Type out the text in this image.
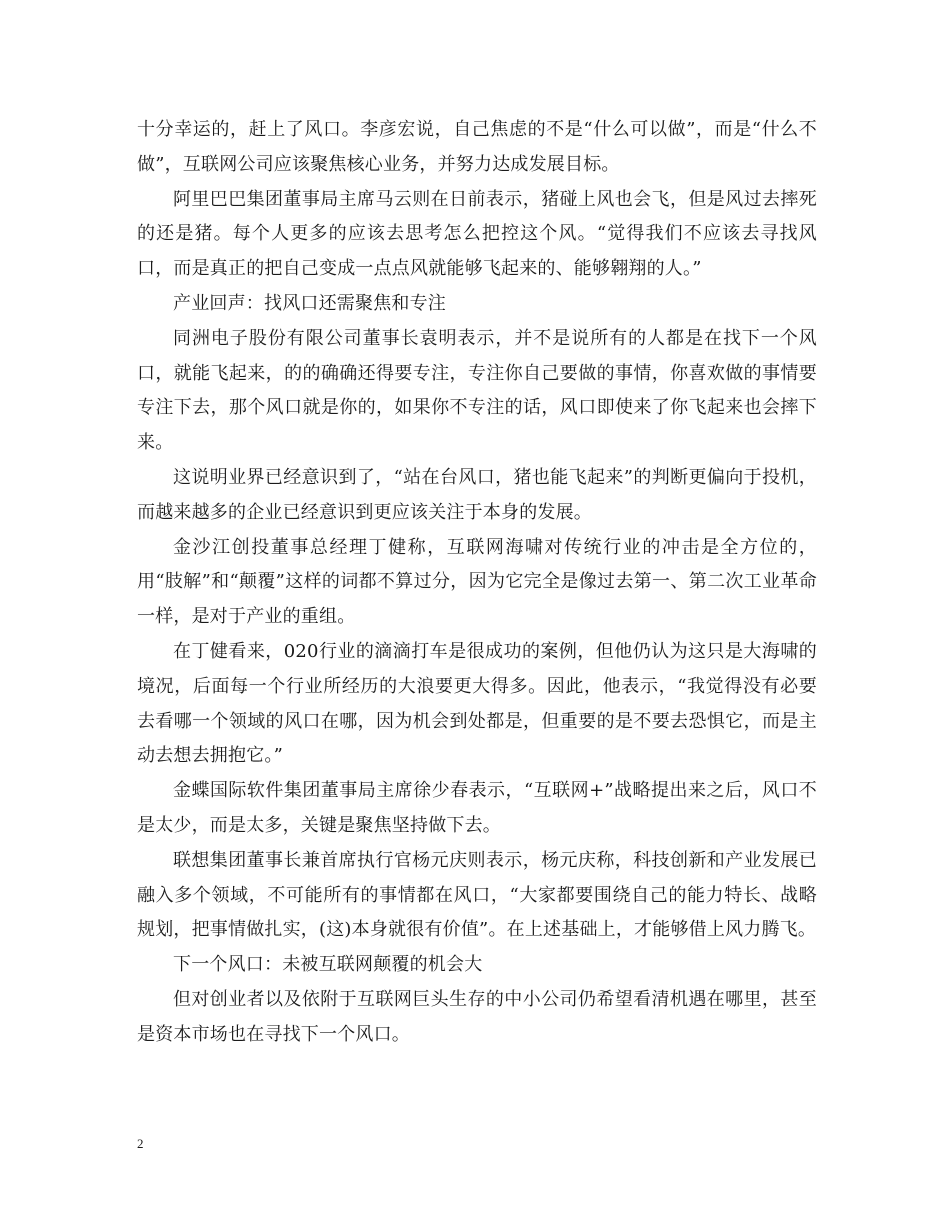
十分幸运的，赶上了风口。李彦宏说，自己焦虑的不是“什么可以做”，而是“什么不做”，互联网公司应该聚焦核心业务，并努力达成发展目标。

阿里巴巴集团董事局主席马云则在日前表示，猪碰上风也会飞，但是风过去摔死的还是猪。每个人更多的应该去思考怎么把控这个风。“觉得我们不应该去寻找风口，而是真正的把自己变成一点点风就能够飞起来的、能够翱翔的人。”

产业回声：找风口还需聚焦和专注

同洲电子股份有限公司董事长袁明表示，并不是说所有的人都是在找下一个风口，就能飞起来，的的确确还得要专注，专注你自己要做的事情，你喜欢做的事情要专注下去，那个风口就是你的，如果你不专注的话，风口即使来了你飞起来也会摔下来。

这说明业界已经意识到了，“站在台风口，猪也能飞起来”的判断更偏向于投机，而越来越多的企业已经意识到更应该关注于本身的发展。

金沙江创投董事总经理丁健称，互联网海啸对传统行业的冲击是全方位的，用“肢解”和“颠覆”这样的词都不算过分，因为它完全是像过去第一、第二次工业革命一样，是对于产业的重组。

在丁健看来，020行业的滴滴打车是很成功的案例，但他仍认为这只是大海啸的境况，后面每一个行业所经历的大浪要更大得多。因此，他表示，“我觉得没有必要去看哪一个领域的风口在哪，因为机会到处都是，但重要的是不要去恐惧它，而是主动去想去拥抱它。”

金蝶国际软件集团董事局主席徐少春表示，“互联网+”战略提出来之后，风口不是太少，而是太多，关键是聚焦坚持做下去。

联想集团董事长兼首席执行官杨元庆则表示，杨元庆称，科技创新和产业发展已融入多个领域，不可能所有的事情都在风口，“大家都要围绕自己的能力特长、战略规划，把事情做扎实，(这)本身就很有价值”。在上述基础上，才能够借上风力腾飞。

下一个风口：未被互联网颠覆的机会大

但对创业者以及依附于互联网巨头生存的中小公司仍希望看清机遇在哪里，甚至是资本市场也在寻找下一个风口。

2
